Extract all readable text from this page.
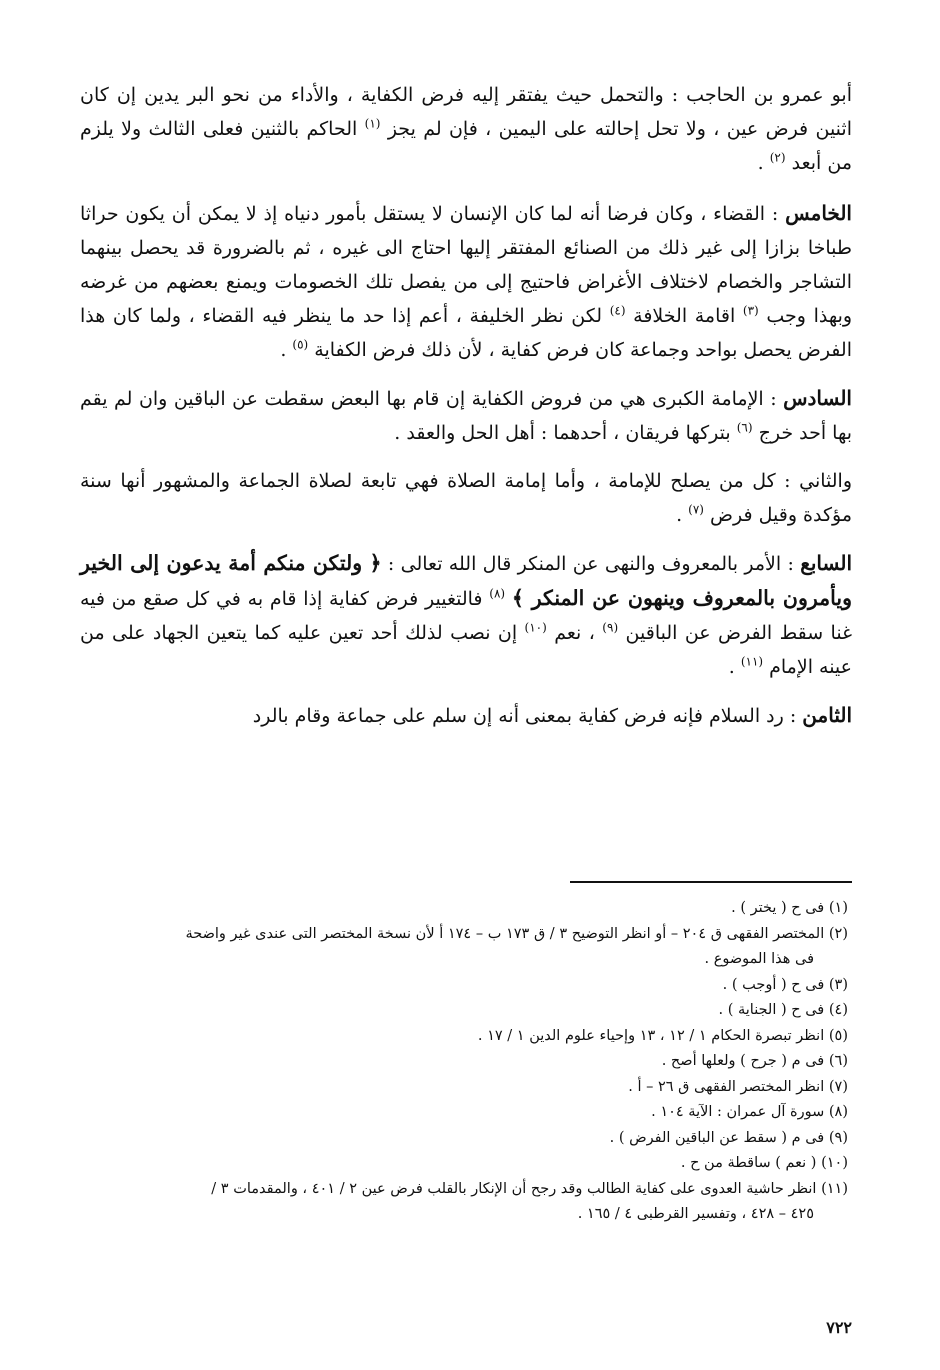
أبو عمرو بن الحاجب : والتحمل حيث يفتقر إليه فرض الكفاية ، والأداء من نحو البر يدين إن كان اثنين فرض عين ، ولا تحل إحالته على اليمين ، فإن لم يجز $^{(١)}$ الحاكم بالثنين فعلى الثالث ولا يلزم من أبعد $^{(٢)}$ .

الخامس : القضاء ، وكان فرضا أنه لما كان الإنسان لا يستقل بأمور دنياه إذ لا يمكن أن يكون حراثا طباخا بزازا إلى غير ذلك من الصنائع المفتقر إليها احتاج الى غيره ، ثم بالضرورة قد يحصل بينهما التشاجر والخصام لاختلاف الأغراض فاحتيج إلى من يفصل تلك الخصومات ويمنع بعضهم من غرضه وبهذا وجب $^{(٣)}$ اقامة الخلافة $^{(٤)}$ لكن نظر الخليفة ، أعم إذا حد ما ينظر فيه القضاء ، ولما كان هذا الفرض يحصل بواحد وجماعة كان فرض كفاية ، لأن ذلك فرض الكفاية $^{(٥)}$ .

السادس : الإمامة الكبرى هي من فروض الكفاية إن قام بها البعض سقطت عن الباقين وان لم يقم بها أحد خرج $^{(٦)}$ بتركها فريقان ، أحدهما : أهل الحل والعقد .

والثاني : كل من يصلح للإمامة ، وأما إمامة الصلاة فهي تابعة لصلاة الجماعة والمشهور أنها سنة مؤكدة وقيل فرض $^{(٧)}$ .

السابع : الأمر بالمعروف والنهى عن المنكر قال الله تعالى : ﴿ ولتكن منكم أمة يدعون إلى الخير ويأمرون بالمعروف وينهون عن المنكر ﴾ $^{(٨)}$ فالتغيير فرض كفاية إذا قام به في كل صقع من فيه غنا سقط الفرض عن الباقين $^{(٩)}$ ، نعم $^{(١٠)}$ إن نصب لذلك أحد تعين عليه كما يتعين الجهاد على من عينه الإمام $^{(١١)}$ .

الثامن : رد السلام فإنه فرض كفاية بمعنى أنه إن سلم على جماعة وقام بالرد

(١) فى ح ( يختر ) .

(٢) المختصر الفقهى ق ٢٠٤ – أو انظر التوضيح ٣ / ق ١٧٣ ب – ١٧٤ أ لأن نسخة المختصر التى عندى غير واضحة
فى هذا الموضوع .

(٣) فى ح ( أوجب ) .

(٤) فى ح ( الجناية ) .

(٥) انظر تبصرة الحكام ١ / ١٢ ، ١٣ وإحياء علوم الدين ١ / ١٧ .

(٦) فى م ( جرح ) ولعلها أصح .

(٧) انظر المختصر الفقهى ق ٢٦ – أ .

(٨) سورة آل عمران : الآية ١٠٤ .

(٩) فى م ( سقط عن الباقين الفرض ) .

(١٠) ( نعم ) ساقطة من ح .

(١١) انظر حاشية العدوى على كفاية الطالب وقد رجح أن الإنكار بالقلب فرض عين ٢ / ٤٠١ ، والمقدمات ٣ /
٤٢٥ – ٤٢٨ ، وتفسير القرطبى ٤ / ١٦٥ .

٧٢٢
